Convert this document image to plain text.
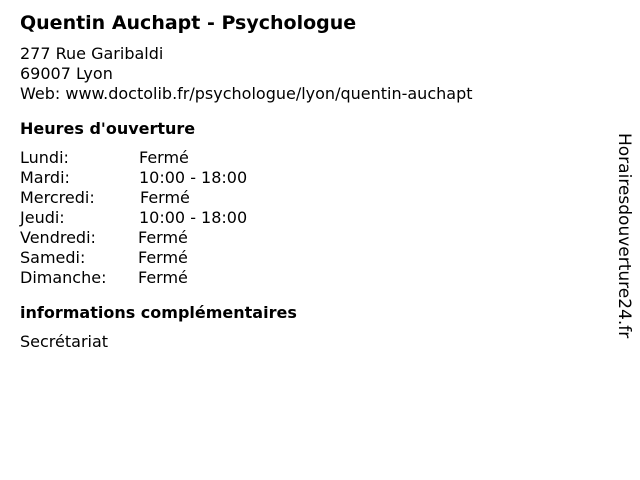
Quentin Auchapt - Psychologue
277 Rue Garibaldi
69007 Lyon
Web: www.doctolib.fr/psychologue/lyon/quentin-auchapt
Heures d'ouverture
Lundi:	Fermé
Mardi:	10:00 - 18:00
Mercredi:	Fermé
Jeudi:	10:00 - 18:00
Vendredi:	Fermé
Samedi:	Fermé
Dimanche: Fermé
informations complémentaires
Secrétariat
Horairesdouverture24.fr
